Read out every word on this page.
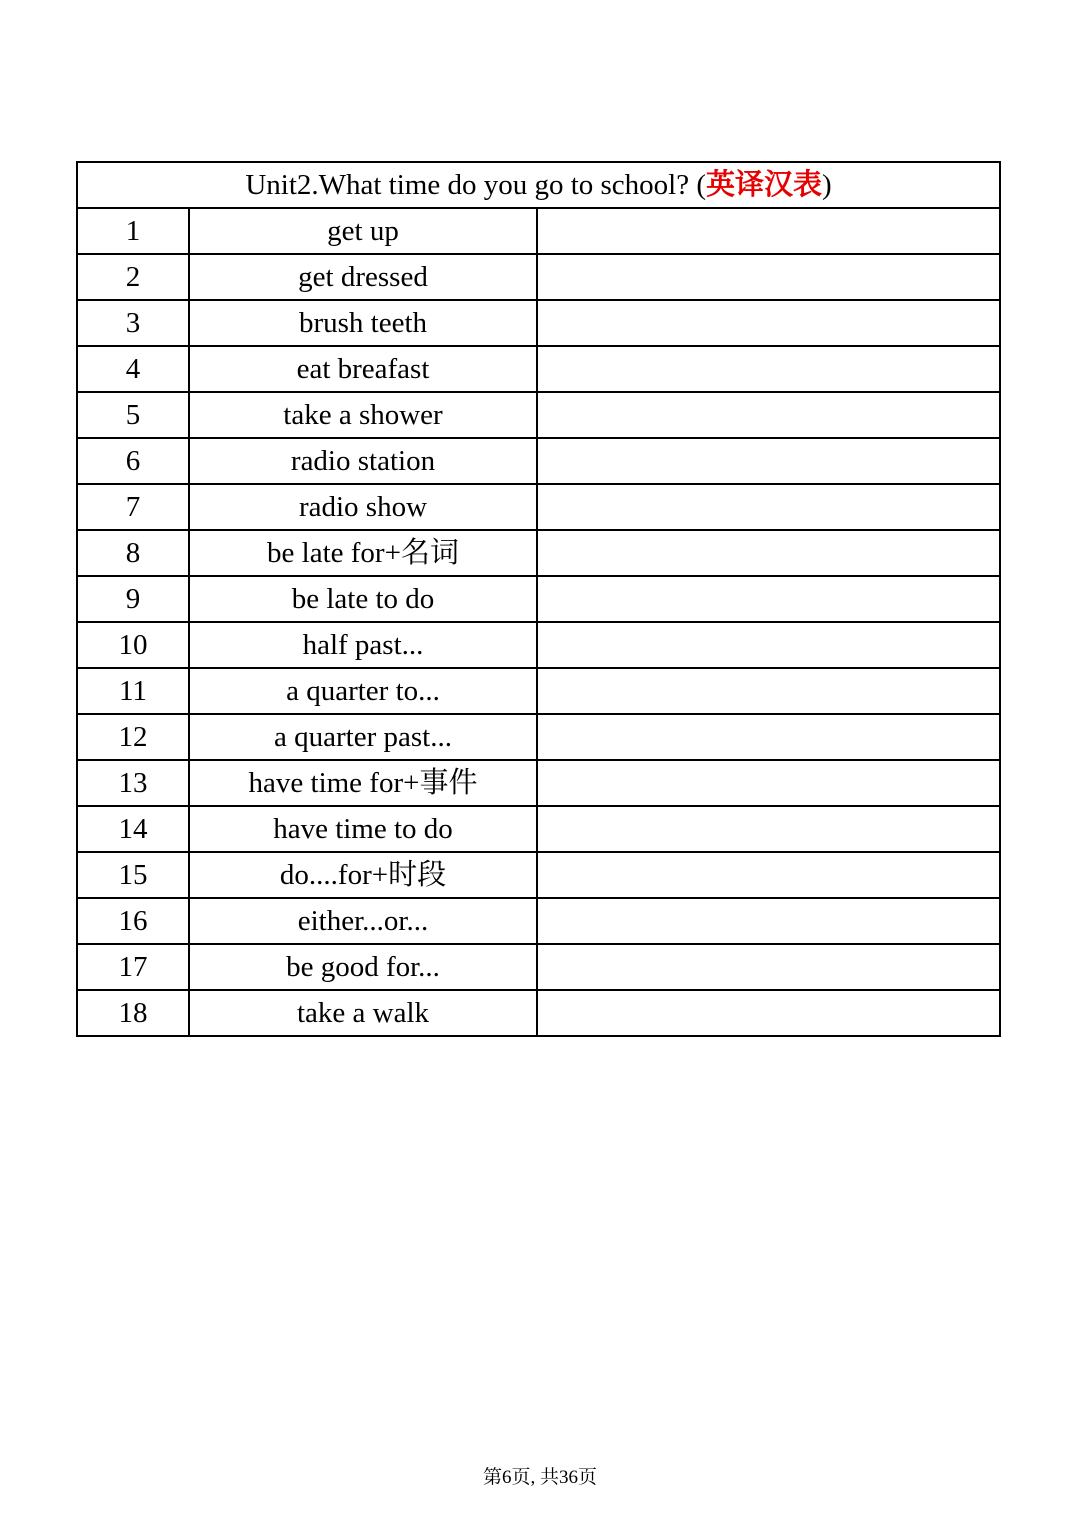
Unit2.What time do you go to school? (英译汉表)		
1	get up	
2	get dressed	
3	brush teeth	
4	eat breafast	
5	take a shower	
6	radio station	
7	radio show	
8	be late for+名词	
9	be late to do	
10	half past...	
11	a quarter to...	
12	a quarter past...	
13	have time for+事件	
14	have time to do	
15	do....for+时段	
16	either...or...	
17	be good for...	
18	take a walk	
第6页, 共36页
